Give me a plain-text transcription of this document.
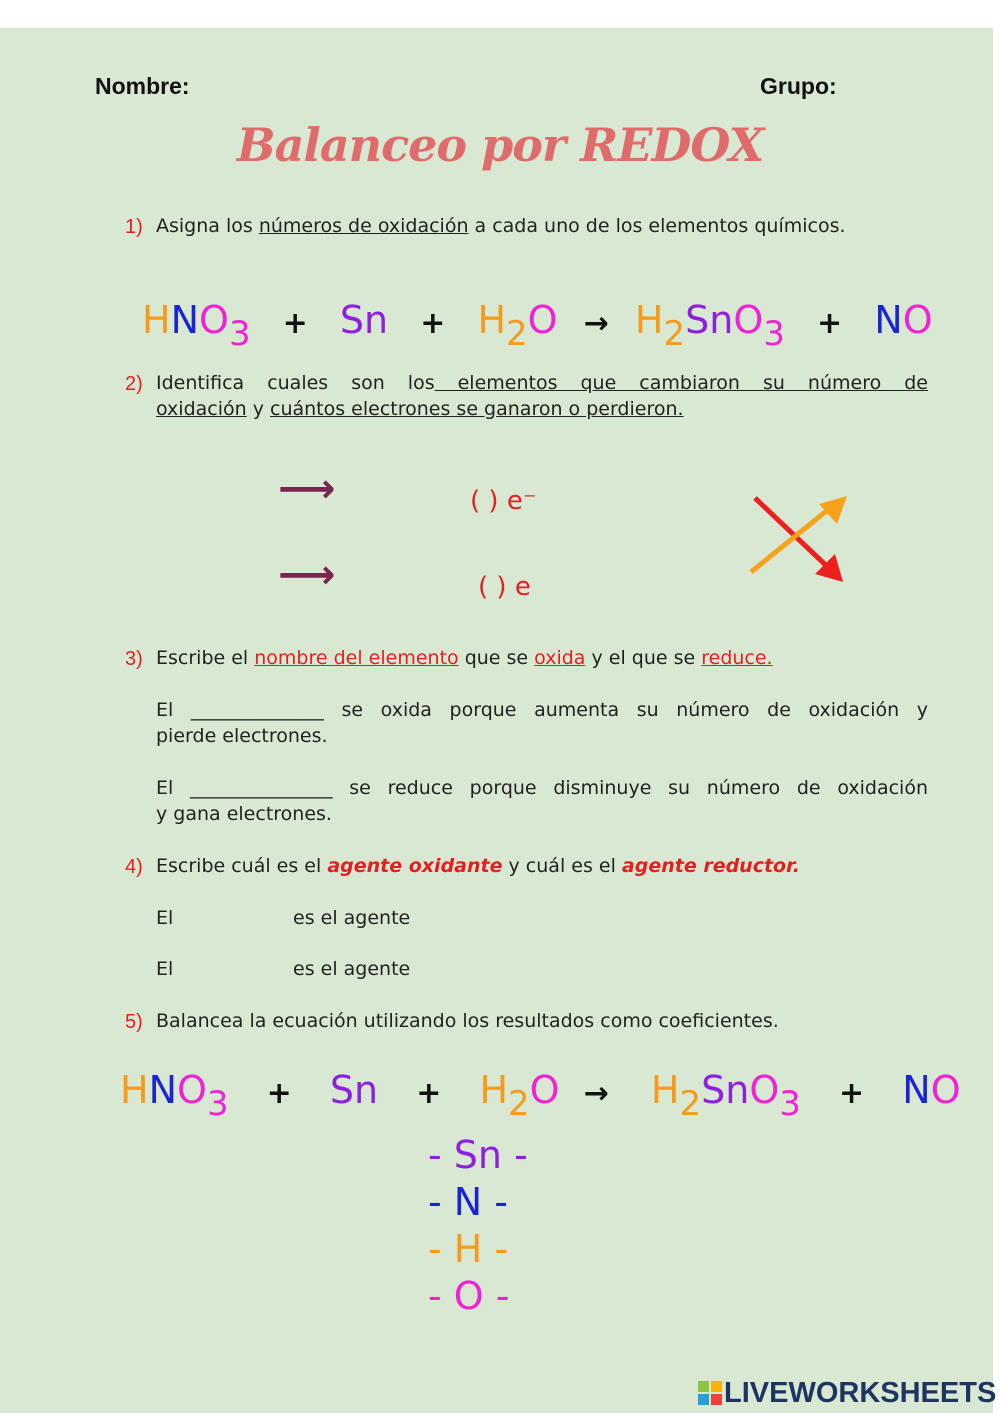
Nombre:	Grupo:
Balanceo por REDOX
1) Asigna los números de oxidación a cada uno de los elementos químicos.
$HNO_3 + Sn + H_2O \to H_2SnO_3$ + NO
2) Identifica cuales son los elementos que cambiaron su número de
oxidación y cuántos electrones se ganaron o perdieron.
⟶	( ) e⁻
⟶	( ) e
3) Escribe el nombre del elemento que se oxida y el que se reduce.
El ______________ se oxida porque aumenta su número de oxidación y
pierde electrones.
El _______________ se reduce porque disminuye su número de oxidación
y gana electrones.
4) Escribe cuál es el agente oxidante y cuál es el agente reductor.
El	es el agente
El	es el agente
5) Balancea la ecuación utilizando los resultados como coeficientes.
$HNO_3 + Sn + H_2O \to H_2SnO_3$ + NO
- Sn -
- N -
- H -
- O -
LIVEWORKSHEETS
